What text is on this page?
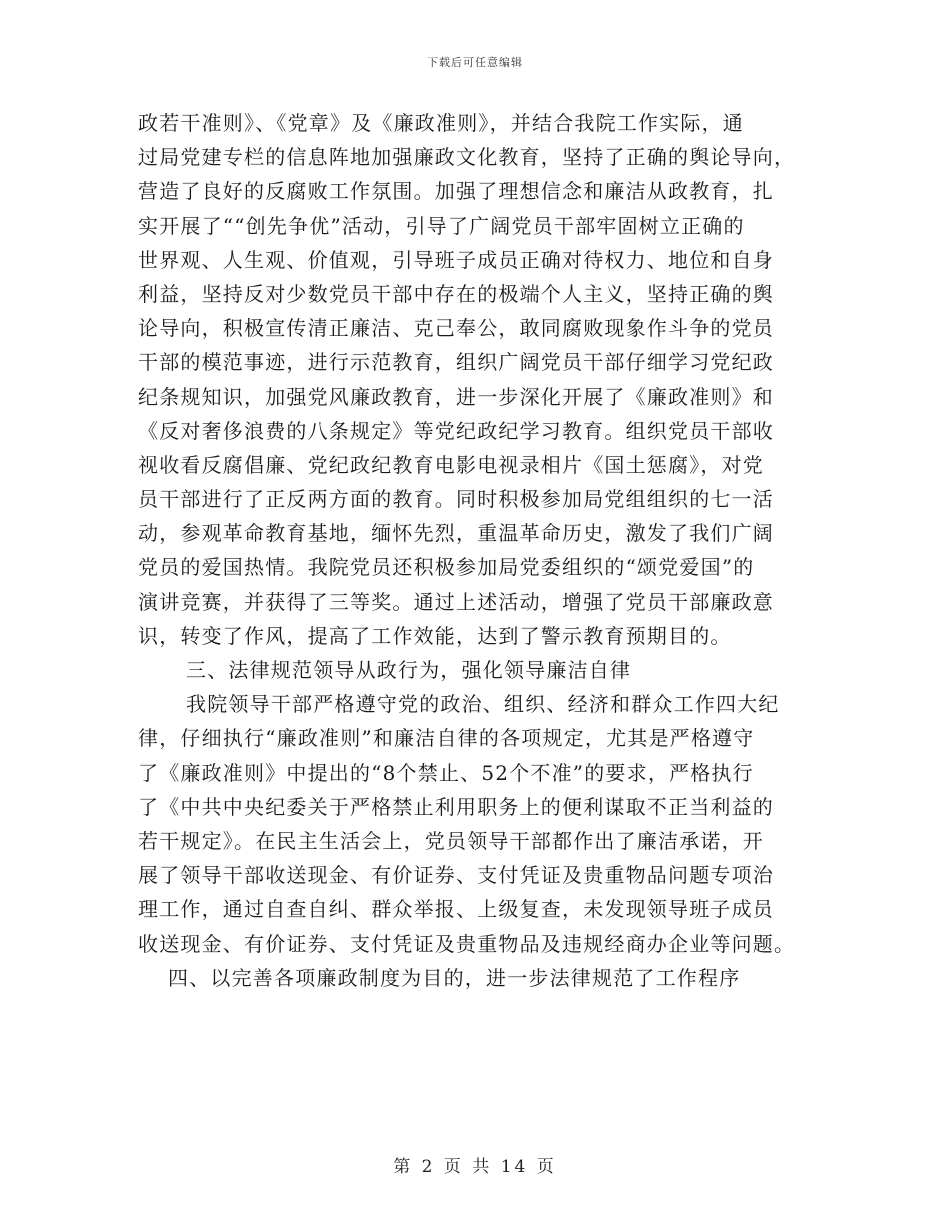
下载后可任意编辑
政若干准则》、《党章》及《廉政准则》，并结合我院工作实际，通
过局党建专栏的信息阵地加强廉政文化教育，坚持了正确的舆论导向，
营造了良好的反腐败工作氛围。加强了理想信念和廉洁从政教育，扎
实开展了““创先争优”活动，引导了广阔党员干部牢固树立正确的
世界观、人生观、价值观，引导班子成员正确对待权力、地位和自身
利益，坚持反对少数党员干部中存在的极端个人主义，坚持正确的舆
论导向，积极宣传清正廉洁、克己奉公，敢同腐败现象作斗争的党员
干部的模范事迹，进行示范教育，组织广阔党员干部仔细学习党纪政
纪条规知识，加强党风廉政教育，进一步深化开展了《廉政准则》和
《反对奢侈浪费的八条规定》等党纪政纪学习教育。组织党员干部收
视收看反腐倡廉、党纪政纪教育电影电视录相片《国土惩腐》，对党
员干部进行了正反两方面的教育。同时积极参加局党组组织的七一活
动，参观革命教育基地，缅怀先烈，重温革命历史，激发了我们广阔
党员的爱国热情。我院党员还积极参加局党委组织的“颂党爱国”的
演讲竞赛，并获得了三等奖。通过上述活动，增强了党员干部廉政意
识，转变了作风，提高了工作效能，达到了警示教育预期目的。
三、法律规范领导从政行为，强化领导廉洁自律
我院领导干部严格遵守党的政治、组织、经济和群众工作四大纪
律，仔细执行“廉政准则”和廉洁自律的各项规定，尤其是严格遵守
了《廉政准则》中提出的“8个禁止、52个不准”的要求，严格执行
了《中共中央纪委关于严格禁止利用职务上的便利谋取不正当利益的
若干规定》。在民主生活会上，党员领导干部都作出了廉洁承诺，开
展了领导干部收送现金、有价证券、支付凭证及贵重物品问题专项治
理工作，通过自查自纠、群众举报、上级复查，未发现领导班子成员
收送现金、有价证券、支付凭证及贵重物品及违规经商办企业等问题。
四、以完善各项廉政制度为目的，进一步法律规范了工作程序
第 2 页 共 14 页
